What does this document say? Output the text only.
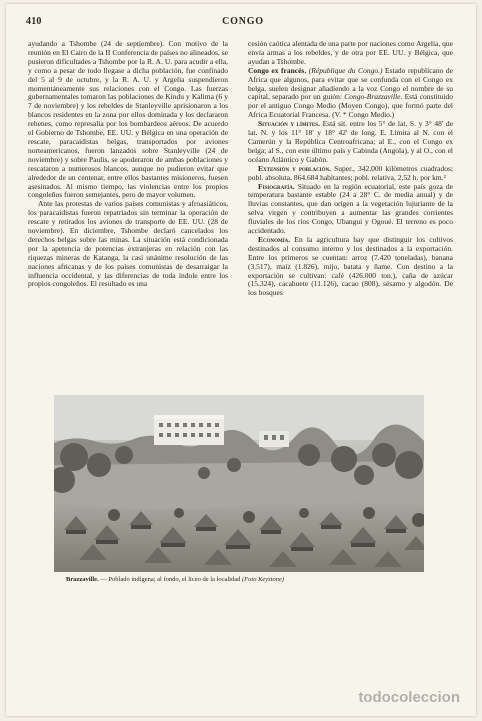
410	CONGO

ayudando a Tshombe (24 de septiembre). Con motivo de la reunión en El Cairo de la II Conferencia de países no alineados, se pusieron dificultades a Tshombe por la R. A. U. para acudir a ella, y como a pesar de todo llegase a dicha población, fue confinado del 5 al 9 de octubre, y la R. A. U. y Argelia suspendieron momentáneamente sus relaciones con el Congo. Las fuerzas gubernamentales tomaron las poblaciones de Kindu y Kalima (6 y 7 de noviembre) y los rebeldes de Stanleyville aprisionaron a los blancos residentes en la zona por ellos dominada y los declararon rehenes, como represalia por los bombardeos aéreos. De acuerdo el Gobierno de Tshombe, EE. UU. y Bélgica en una operación de rescate, paracaidistas belgas, transportados por aviones norteamericanos, fueron lanzados sobre Stanleyville (24 de noviembre) y sobre Paulis, se apoderaron de ambas poblaciones y rescataron a numerosos blancos, aunque no pudieron evitar que alrededor de un centenar, entre ellos bastantes misioneros, fuesen asesinados. Al mismo tiempo, las violencias entre los propios congoleños fueron semejantes, pero de mayor volumen.

Ante las protestas de varios países comunistas y afroasiáticos, los paracaidistas fueron repatriados sin terminar la operación de rescate y retirados los aviones de transporte de EE. UU. (28 de noviembre). En diciembre, Tshombe declaró cancelados los derechos belgas sobre las minas. La situación está condicionada por la apetencia de potencias extranjeras en relación con las riquezas mineras de Katanga, la casi unánime resolución de las naciones africanas y de los países comunistas de desarraigar la influencia occidental, y las diferencias de toda índole entre los propios congoleños. El resultado es una

cesión caótica alentada de una parte por naciones como Argelia, que envía armas a los rebeldes, y de otra por EE. UU. y Bélgica, que ayudan a Tshombe.

Congo ex francés. (République du Congo.) Estado republicano de Africa que algunos, para evitar que se confunda con el Congo ex belga, suelen designar añadiendo a la voz Congo el nombre de su capital, separado por un guión: Congo-Brazzaville. Está constituido por el antiguo Congo Medio (Moyen Congo), que formó parte del Africa Ecuatorial Francesa. (V. * Congo Medio.)

Situación y límites. Está sit. entre los 5° de lat. S. y 3° 48' de lat. N. y los 11° 18' y 18° 42' de long. E. Limita al N. con el Camerún y la República Centroafricana; al E., con el Congo ex belga; al S., con este último país y Cabinda (Angola), y al O., con el océano Atlántico y Gabón.

Extensión y población. Super., 342.000 kilómetros cuadrados; pobl. absoluta, 864.684 habitantes; pobl. relativa, 2,52 h. por km.²

Fisiografía. Situado en la región ecuatorial, este país goza de temperatura bastante estable (24 a 28° C. de media anual) y de lluvias constantes, que dan origen a la vegetación lujuriante de la selva virgen y contribuyen a aumentar las grandes corrientes fluviales de los ríos Congo, Ubangui y Ogoué. El terreno es poco accidentado.

Economía. En la agricultura hay que distinguir los cultivos destinados al consumo interno y los destinados a la exportación. Entre los primeros se cuentan: arroz (7.420 toneladas), banana (3.517), maíz (1.826), mijo, batata y ñame. Con destino a la exportación se cultivan: café (426.000 ton.), caña de azúcar (15.324), cacahuete (11.126), cacao (808), sésamo y algodón. De los bosques

Brazzaville. — Poblado indígena; al fondo, el liceo de la localidad (Foto Keystone)
todocoleccion
